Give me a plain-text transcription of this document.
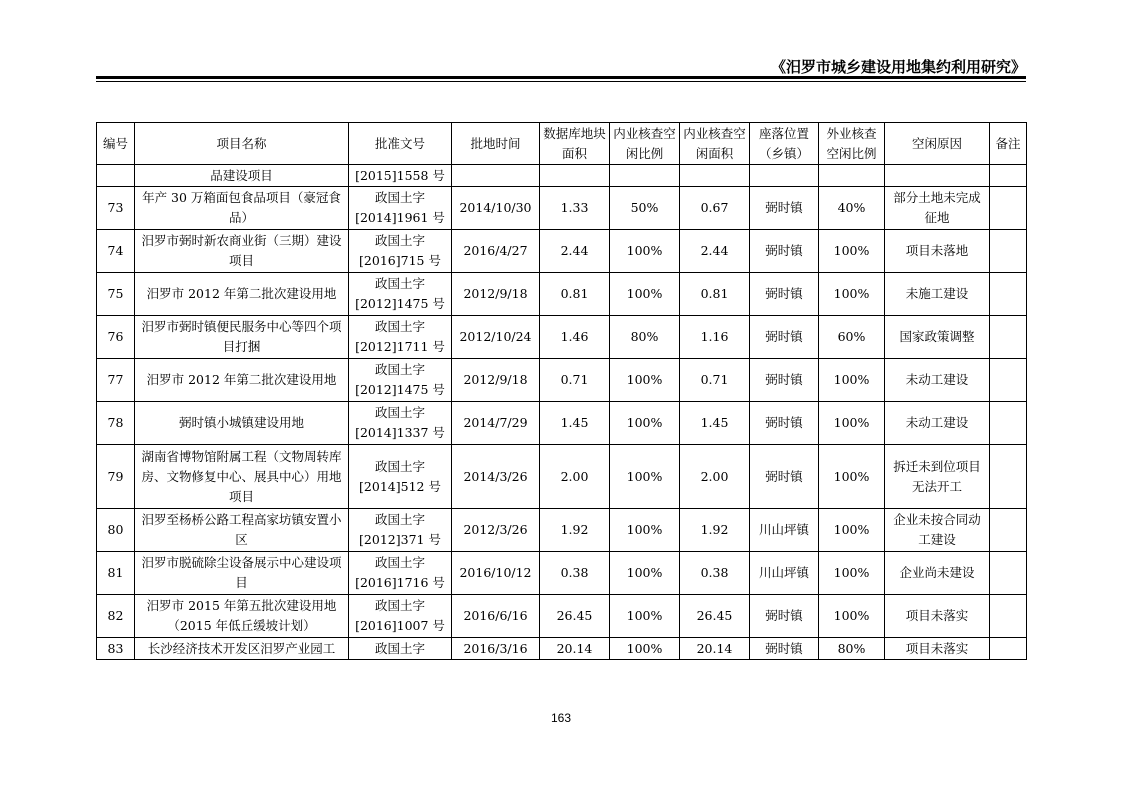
《汨罗市城乡建设用地集约利用研究》
编号	项目名称	批准文号	批地时间	数据库地块面积	内业核查空闲比例	内业核查空闲面积	座落位置（乡镇）	外业核查空闲比例	空闲原因	备注
	品建设项目	[2015]1558 号								
73	年产 30 万箱面包食品项目（豪冠食品）	政国土字 [2014]1961 号	2014/10/30	1.33	50%	0.67	弼时镇	40%	部分土地未完成征地	
74	汨罗市弼时新农商业街（三期）建设项目	政国土字 [2016]715 号	2016/4/27	2.44	100%	2.44	弼时镇	100%	项目未落地	
75	汨罗市 2012 年第二批次建设用地	政国土字 [2012]1475 号	2012/9/18	0.81	100%	0.81	弼时镇	100%	未施工建设	
76	汨罗市弼时镇便民服务中心等四个项目打捆	政国土字 [2012]1711 号	2012/10/24	1.46	80%	1.16	弼时镇	60%	国家政策调整	
77	汨罗市 2012 年第二批次建设用地	政国土字 [2012]1475 号	2012/9/18	0.71	100%	0.71	弼时镇	100%	未动工建设	
78	弼时镇小城镇建设用地	政国土字 [2014]1337 号	2014/7/29	1.45	100%	1.45	弼时镇	100%	未动工建设	
79	湖南省博物馆附属工程（文物周转库房、文物修复中心、展具中心）用地项目	政国土字 [2014]512 号	2014/3/26	2.00	100%	2.00	弼时镇	100%	拆迁未到位项目无法开工	
80	汨罗至杨桥公路工程高家坊镇安置小区	政国土字 [2012]371 号	2012/3/26	1.92	100%	1.92	川山坪镇	100%	企业未按合同动工建设	
81	汨罗市脱硫除尘设备展示中心建设项目	政国土字 [2016]1716 号	2016/10/12	0.38	100%	0.38	川山坪镇	100%	企业尚未建设	
82	汨罗市 2015 年第五批次建设用地（2015 年低丘缓坡计划）	政国土字 [2016]1007 号	2016/6/16	26.45	100%	26.45	弼时镇	100%	项目未落实	
83	长沙经济技术开发区汨罗产业园工	政国土字	2016/3/16	20.14	100%	20.14	弼时镇	80%	项目未落实	
163
